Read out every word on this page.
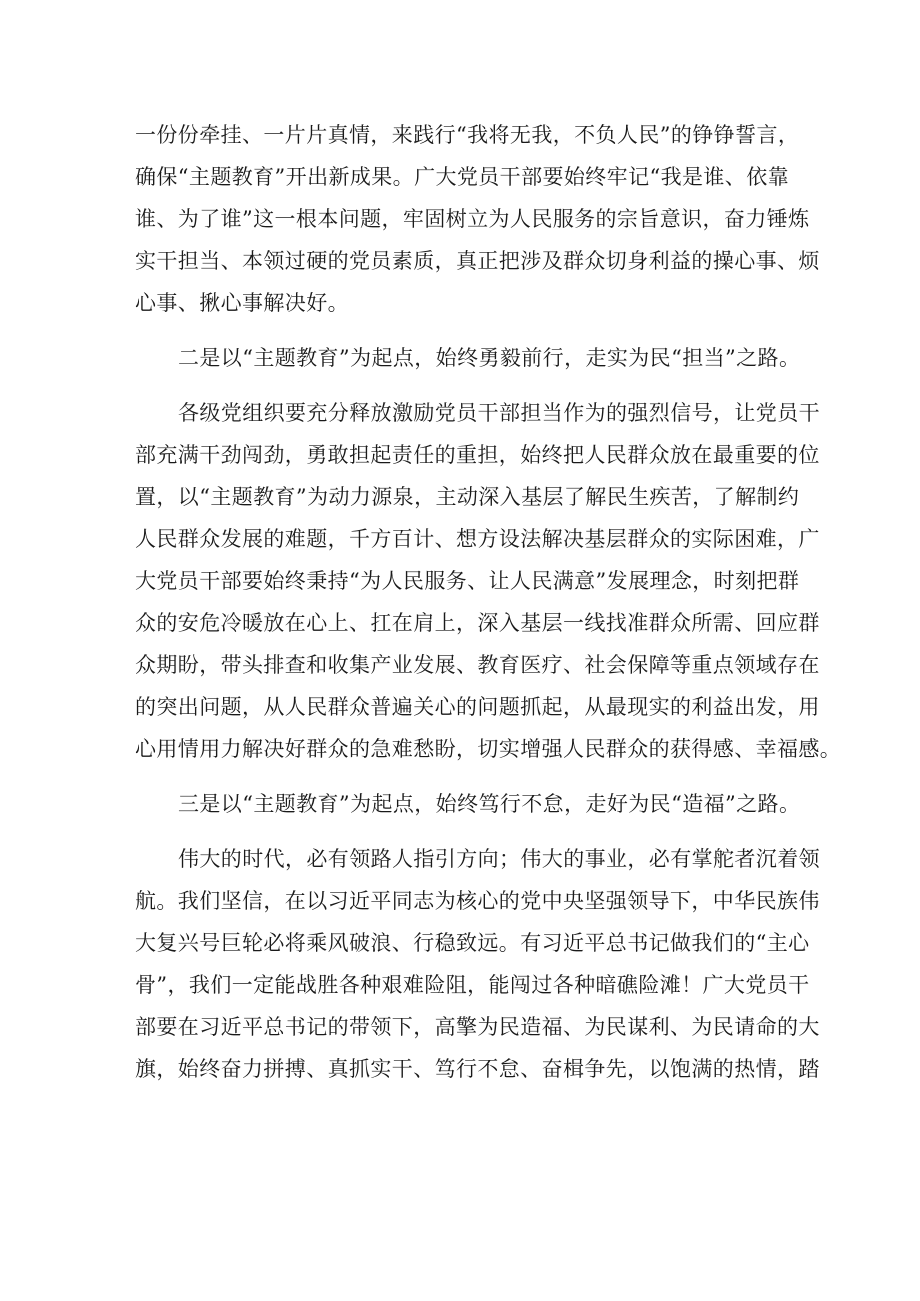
一份份牵挂、一片片真情，来践行“我将无我，不负人民”的铮铮誓言，
确保“主题教育”开出新成果。广大党员干部要始终牢记“我是谁、依靠
谁、为了谁”这一根本问题，牢固树立为人民服务的宗旨意识，奋力锤炼
实干担当、本领过硬的党员素质，真正把涉及群众切身利益的操心事、烦
心事、揪心事解决好。
二是以“主题教育”为起点，始终勇毅前行，走实为民“担当”之路。
各级党组织要充分释放激励党员干部担当作为的强烈信号，让党员干
部充满干劲闯劲，勇敢担起责任的重担，始终把人民群众放在最重要的位
置，以“主题教育”为动力源泉，主动深入基层了解民生疾苦，了解制约
人民群众发展的难题，千方百计、想方设法解决基层群众的实际困难，广
大党员干部要始终秉持“为人民服务、让人民满意”发展理念，时刻把群
众的安危冷暖放在心上、扛在肩上，深入基层一线找准群众所需、回应群
众期盼，带头排查和收集产业发展、教育医疗、社会保障等重点领域存在
的突出问题，从人民群众普遍关心的问题抓起，从最现实的利益出发，用
心用情用力解决好群众的急难愁盼，切实增强人民群众的获得感、幸福感。
三是以“主题教育”为起点，始终笃行不怠，走好为民“造福”之路。
伟大的时代，必有领路人指引方向；伟大的事业，必有掌舵者沉着领
航。我们坚信，在以习近平同志为核心的党中央坚强领导下，中华民族伟
大复兴号巨轮必将乘风破浪、行稳致远。有习近平总书记做我们的“主心
骨”，我们一定能战胜各种艰难险阻，能闯过各种暗礁险滩！广大党员干
部要在习近平总书记的带领下，高擎为民造福、为民谋利、为民请命的大
旗，始终奋力拼搏、真抓实干、笃行不怠、奋楫争先，以饱满的热情，踏
